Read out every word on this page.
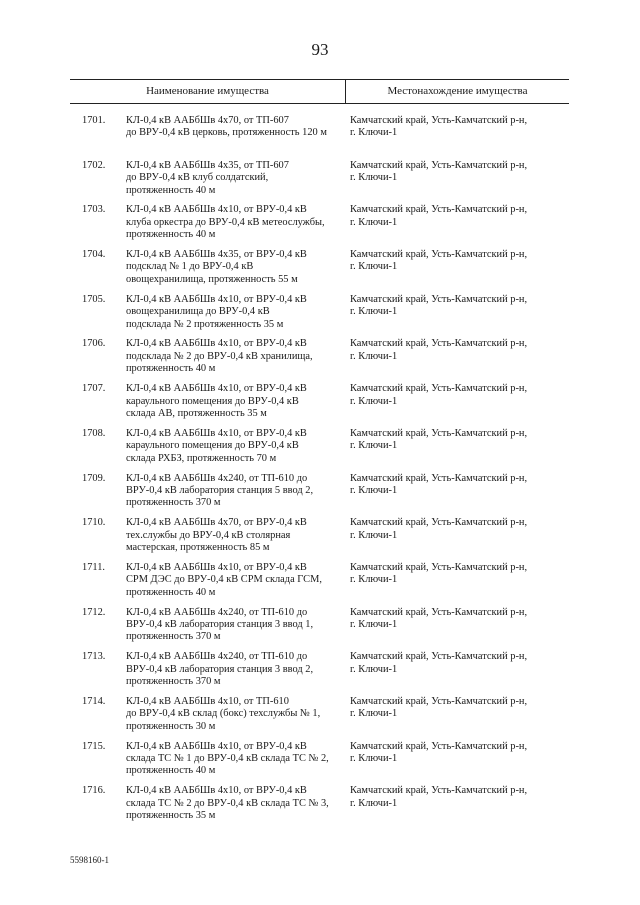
93
Наименование имущества	Местонахождение имущества
1701. КЛ-0,4 кВ ААБбШв 4х70, от ТП-607
до ВРУ-0,4 кВ церковь, протяженность 120 м
Камчатский край, Усть-Камчатский р-н,
г. Ключи-1
1702. КЛ-0,4 кВ ААБбШв 4х35, от ТП-607
до ВРУ-0,4 кВ клуб солдатский,
протяженность 40 м
Камчатский край, Усть-Камчатский р-н,
г. Ключи-1
1703. КЛ-0,4 кВ ААБбШв 4х10, от ВРУ-0,4 кВ
клуба оркестра до ВРУ-0,4 кВ метеослужбы,
протяженность 40 м
Камчатский край, Усть-Камчатский р-н,
г. Ключи-1
1704. КЛ-0,4 кВ ААБбШв 4х35, от ВРУ-0,4 кВ
подсклад № 1 до ВРУ-0,4 кВ
овощехранилища, протяженность 55 м
Камчатский край, Усть-Камчатский р-н,
г. Ключи-1
1705. КЛ-0,4 кВ ААБбШв 4х10, от ВРУ-0,4 кВ
овощехранилища до ВРУ-0,4 кВ
подсклада № 2 протяженность 35 м
Камчатский край, Усть-Камчатский р-н,
г. Ключи-1
1706. КЛ-0,4 кВ ААБбШв 4х10, от ВРУ-0,4 кВ
подсклада № 2 до ВРУ-0,4 кВ хранилища,
протяженность 40 м
Камчатский край, Усть-Камчатский р-н,
г. Ключи-1
1707. КЛ-0,4 кВ ААБбШв 4х10, от ВРУ-0,4 кВ
караульного помещения до ВРУ-0,4 кВ
склада АВ, протяженность 35 м
Камчатский край, Усть-Камчатский р-н,
г. Ключи-1
1708. КЛ-0,4 кВ ААБбШв 4х10, от ВРУ-0,4 кВ
караульного помещения до ВРУ-0,4 кВ
склада РХБЗ, протяженность 70 м
Камчатский край, Усть-Камчатский р-н,
г. Ключи-1
1709. КЛ-0,4 кВ ААБбШв 4х240, от ТП-610 до
ВРУ-0,4 кВ лаборатория станция 5 ввод 2,
протяженность 370 м
Камчатский край, Усть-Камчатский р-н,
г. Ключи-1
1710. КЛ-0,4 кВ ААБбШв 4х70, от ВРУ-0,4 кВ
тех.службы до ВРУ-0,4 кВ столярная
мастерская, протяженность 85 м
Камчатский край, Усть-Камчатский р-н,
г. Ключи-1
1711. КЛ-0,4 кВ ААБбШв 4х10, от ВРУ-0,4 кВ
СРМ ДЭС до ВРУ-0,4 кВ СРМ склада ГСМ,
протяженность 40 м
Камчатский край, Усть-Камчатский р-н,
г. Ключи-1
1712. КЛ-0,4 кВ ААБбШв 4х240, от ТП-610 до
ВРУ-0,4 кВ лаборатория станция 3 ввод 1,
протяженность 370 м
Камчатский край, Усть-Камчатский р-н,
г. Ключи-1
1713. КЛ-0,4 кВ ААБбШв 4х240, от ТП-610 до
ВРУ-0,4 кВ лаборатория станция 3 ввод 2,
протяженность 370 м
Камчатский край, Усть-Камчатский р-н,
г. Ключи-1
1714. КЛ-0,4 кВ ААБбШв 4х10, от ТП-610
до ВРУ-0,4 кВ склад (бокс) техслужбы № 1,
протяженность 30 м
Камчатский край, Усть-Камчатский р-н,
г. Ключи-1
1715. КЛ-0,4 кВ ААБбШв 4х10, от ВРУ-0,4 кВ
склада ТС № 1 до ВРУ-0,4 кВ склада ТС № 2,
протяженность 40 м
Камчатский край, Усть-Камчатский р-н,
г. Ключи-1
1716. КЛ-0,4 кВ ААБбШв 4х10, от ВРУ-0,4 кВ
склада ТС № 2 до ВРУ-0,4 кВ склада ТС № 3,
протяженность 35 м
Камчатский край, Усть-Камчатский р-н,
г. Ключи-1
5598160-1
